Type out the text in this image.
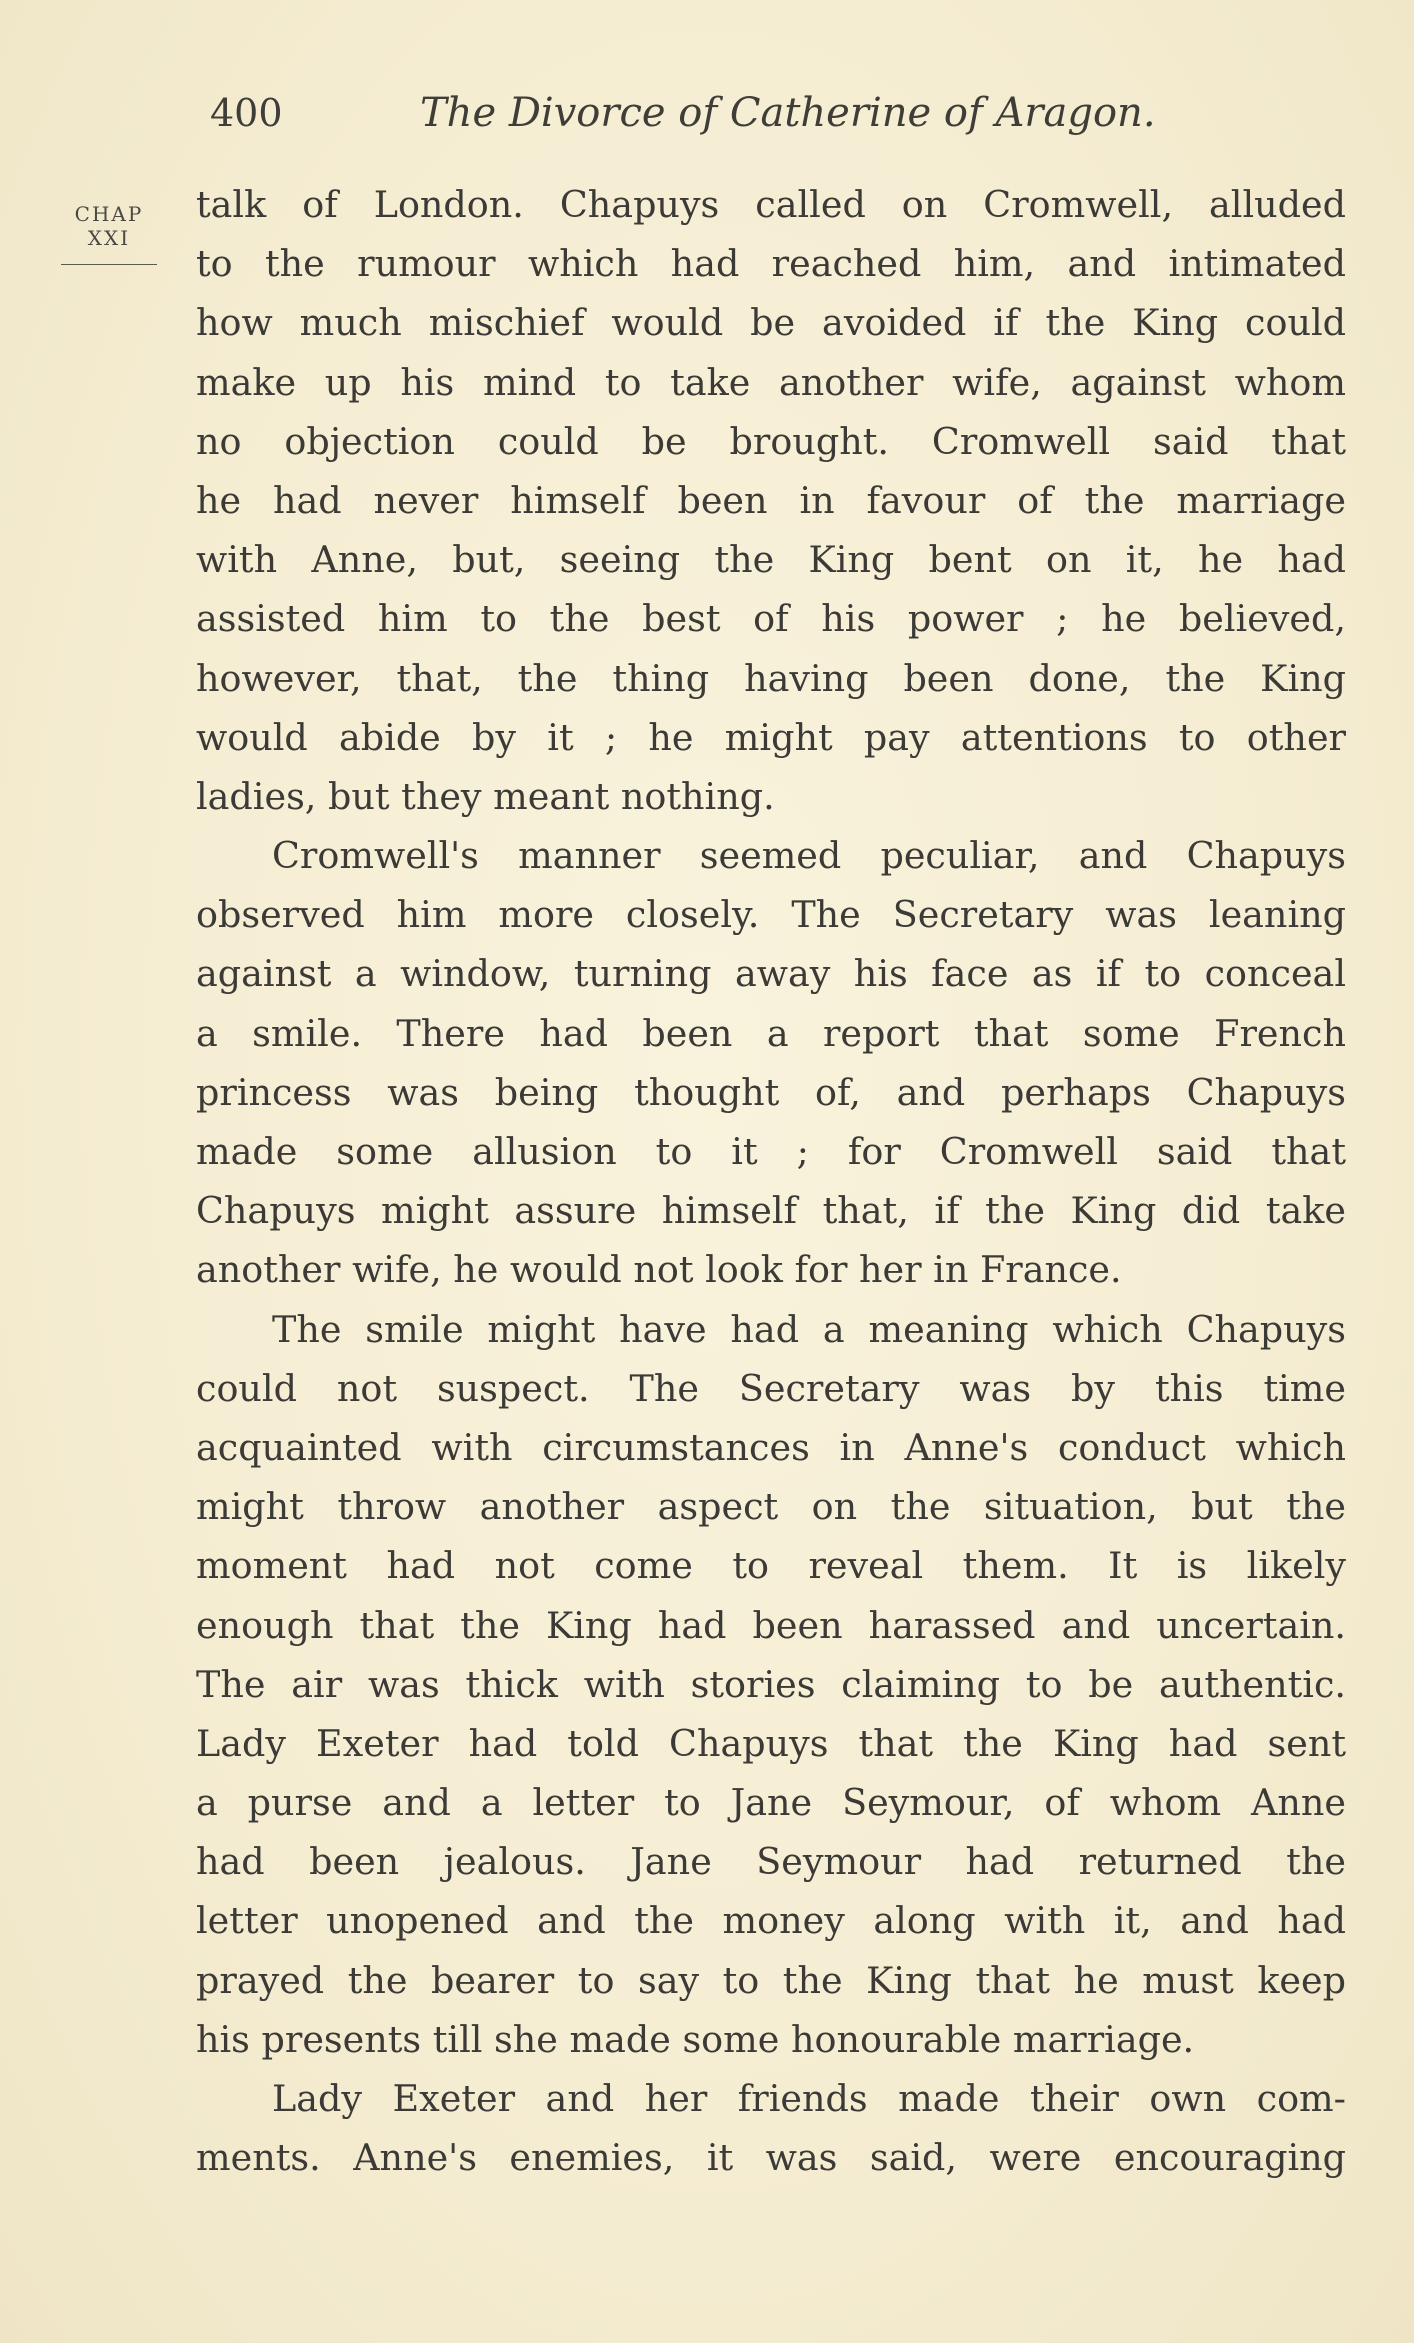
400	The Divorce of Catherine of Aragon.
CHAP
XXI
talk of London. Chapuys called on Cromwell, alluded
to the rumour which had reached him, and intimated
how much mischief would be avoided if the King could
make up his mind to take another wife, against whom
no objection could be brought. Cromwell said that
he had never himself been in favour of the marriage
with Anne, but, seeing the King bent on it, he had
assisted him to the best of his power ; he believed,
however, that, the thing having been done, the King
would abide by it ; he might pay attentions to other
ladies, but they meant nothing.
Cromwell's manner seemed peculiar, and Chapuys
observed him more closely. The Secretary was leaning
against a window, turning away his face as if to conceal
a smile. There had been a report that some French
princess was being thought of, and perhaps Chapuys
made some allusion to it ; for Cromwell said that
Chapuys might assure himself that, if the King did take
another wife, he would not look for her in France.
The smile might have had a meaning which Chapuys
could not suspect. The Secretary was by this time
acquainted with circumstances in Anne's conduct which
might throw another aspect on the situation, but the
moment had not come to reveal them. It is likely
enough that the King had been harassed and uncertain.
The air was thick with stories claiming to be authentic.
Lady Exeter had told Chapuys that the King had sent
a purse and a letter to Jane Seymour, of whom Anne
had been jealous. Jane Seymour had returned the
letter unopened and the money along with it, and had
prayed the bearer to say to the King that he must keep
his presents till she made some honourable marriage.
Lady Exeter and her friends made their own com-
ments. Anne's enemies, it was said, were encouraging
